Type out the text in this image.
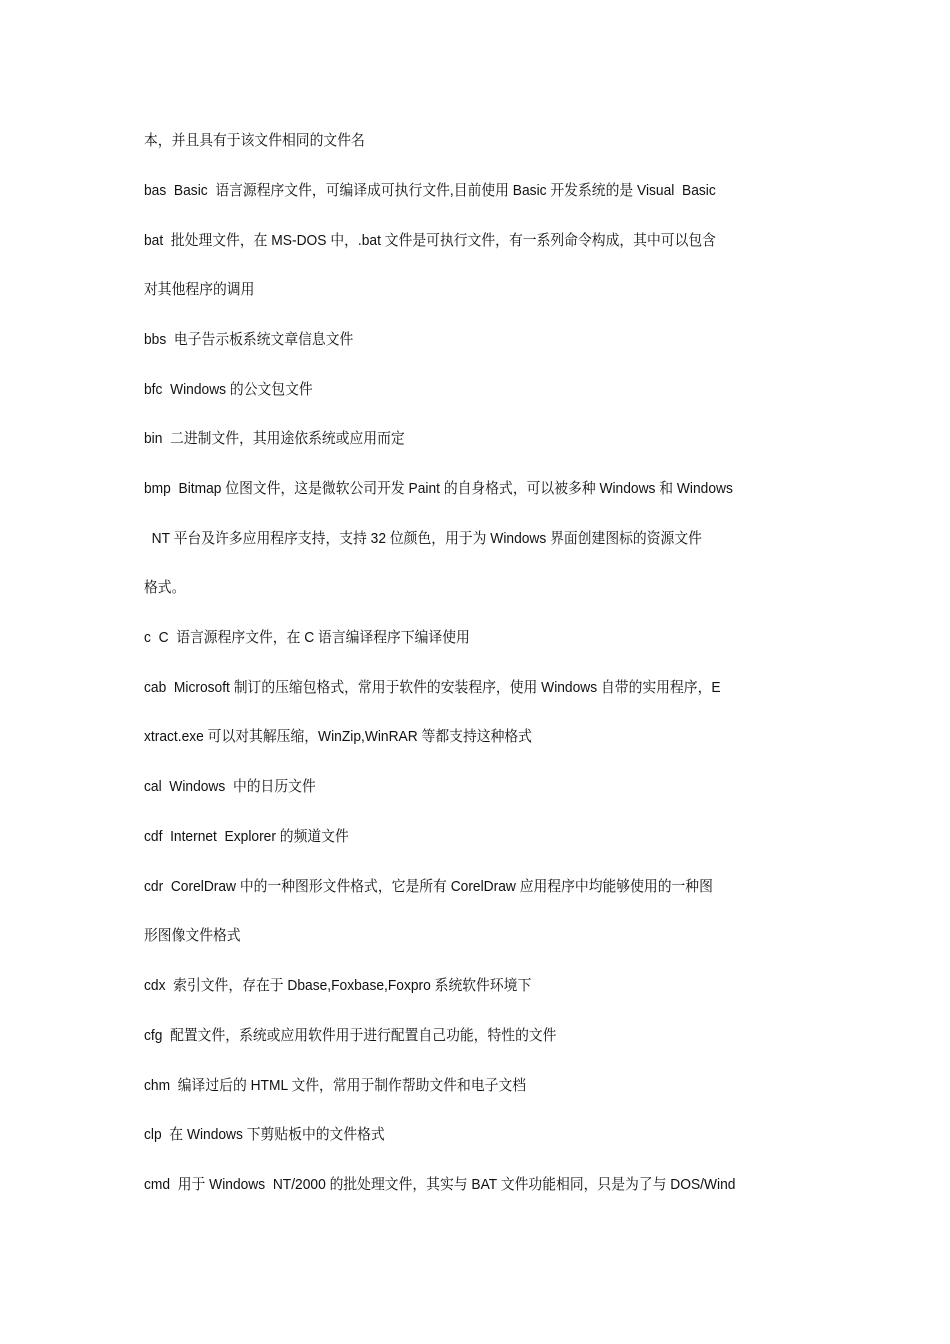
本，并且具有于该文件相同的文件名
bas  Basic  语言源程序文件，可编译成可执行文件,目前使用 Basic 开发系统的是 Visual  Basic
bat  批处理文件，在 MS-DOS 中，.bat 文件是可执行文件，有一系列命令构成，其中可以包含
对其他程序的调用
bbs  电子告示板系统文章信息文件
bfc  Windows 的公文包文件
bin  二进制文件，其用途依系统或应用而定
bmp  Bitmap 位图文件，这是微软公司开发 Paint 的自身格式，可以被多种 Windows 和 Windows
NT 平台及许多应用程序支持，支持 32 位颜色，用于为 Windows 界面创建图标的资源文件
格式。
c  C  语言源程序文件，在 C 语言编译程序下编译使用
cab  Microsoft 制订的压缩包格式，常用于软件的安装程序，使用 Windows 自带的实用程序，E
xtract.exe 可以对其解压缩，WinZip,WinRAR 等都支持这种格式
cal  Windows  中的日历文件
cdf  Internet  Explorer 的频道文件
cdr  CorelDraw 中的一种图形文件格式，它是所有 CorelDraw 应用程序中均能够使用的一种图
形图像文件格式
cdx  索引文件，存在于 Dbase,Foxbase,Foxpro 系统软件环境下
cfg  配置文件，系统或应用软件用于进行配置自己功能，特性的文件
chm  编译过后的 HTML 文件，常用于制作帮助文件和电子文档
clp  在 Windows 下剪贴板中的文件格式
cmd  用于 Windows  NT/2000 的批处理文件，其实与 BAT 文件功能相同，只是为了与 DOS/Wind
